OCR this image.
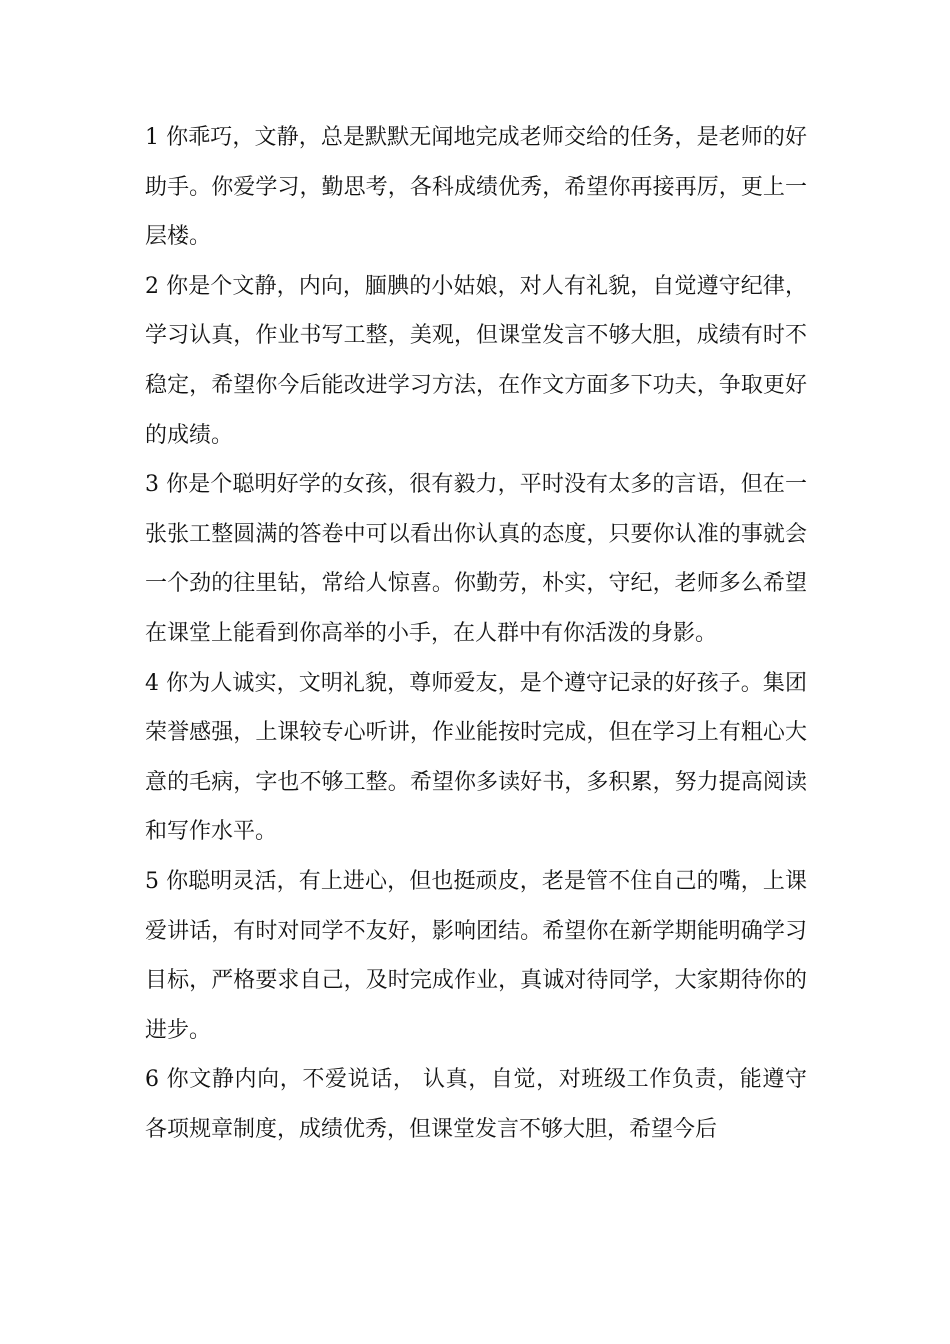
1 你乖巧，文静，总是默默无闻地完成老师交给的任务，是老师的好助手。你爱学习，勤思考，各科成绩优秀，希望你再接再厉，更上一层楼。

2 你是个文静，内向，腼腆的小姑娘，对人有礼貌，自觉遵守纪律，学习认真，作业书写工整，美观，但课堂发言不够大胆，成绩有时不稳定，希望你今后能改进学习方法，在作文方面多下功夫，争取更好的成绩。

3 你是个聪明好学的女孩，很有毅力，平时没有太多的言语，但在一张张工整圆满的答卷中可以看出你认真的态度，只要你认准的事就会一个劲的往里钻，常给人惊喜。你勤劳，朴实，守纪，老师多么希望在课堂上能看到你高举的小手，在人群中有你活泼的身影。

4 你为人诚实，文明礼貌，尊师爱友，是个遵守记录的好孩子。集团荣誉感强，上课较专心听讲，作业能按时完成，但在学习上有粗心大意的毛病，字也不够工整。希望你多读好书，多积累，努力提高阅读和写作水平。

5 你聪明灵活，有上进心，但也挺顽皮，老是管不住自己的嘴，上课爱讲话，有时对同学不友好，影响团结。希望你在新学期能明确学习目标，严格要求自己，及时完成作业，真诚对待同学，大家期待你的进步。

6 你文静内向，不爱说话， 认真，自觉，对班级工作负责，能遵守各项规章制度，成绩优秀，但课堂发言不够大胆，希望今后
